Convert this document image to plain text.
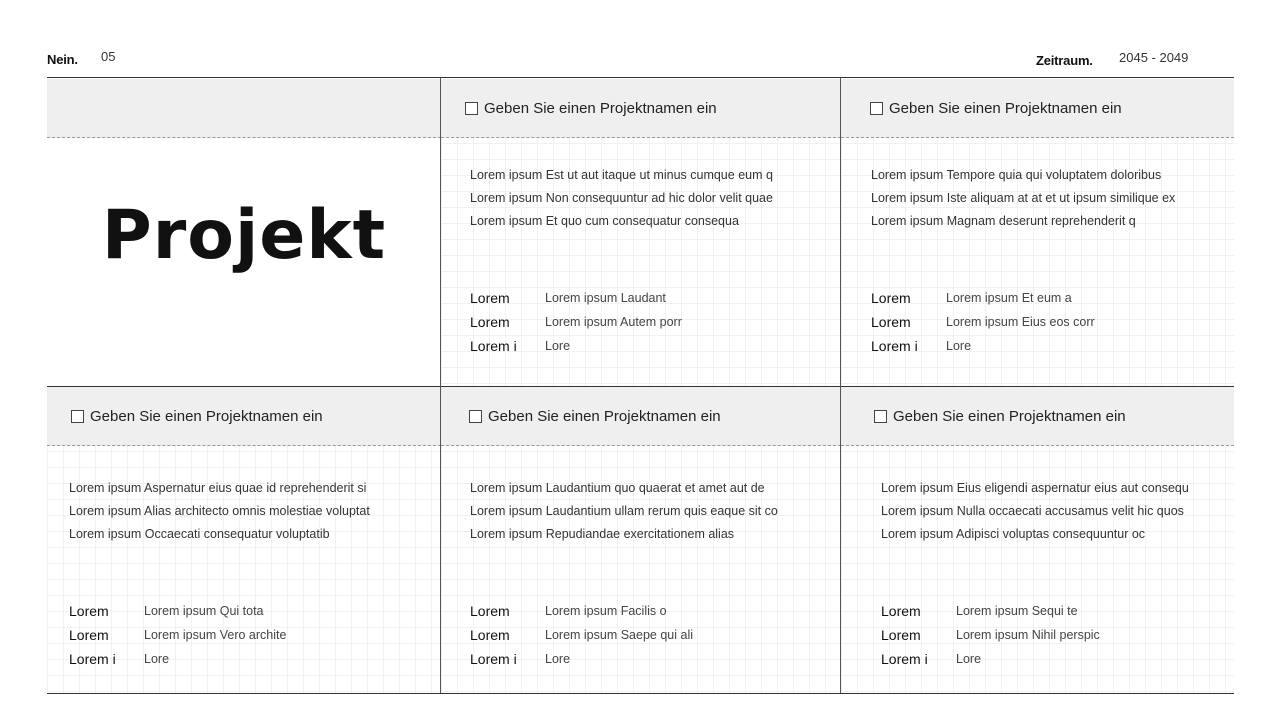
Nein. 05	Zeitraum. 2045 - 2049
Projekt
Geben Sie einen Projektnamen ein
Lorem ipsum Est ut aut itaque ut minus cumque eum q
Lorem ipsum Non consequuntur ad hic dolor velit quae
Lorem ipsum Et quo cum consequatur consequa
Lorem	Lorem ipsum Laudant
Lorem	Lorem ipsum Autem porr
Lorem i	Lore
Geben Sie einen Projektnamen ein
Lorem ipsum Tempore quia qui voluptatem doloribus
Lorem ipsum Iste aliquam at at et ut ipsum similique ex
Lorem ipsum Magnam deserunt reprehenderit q
Lorem	Lorem ipsum Et eum a
Lorem	Lorem ipsum Eius eos corr
Lorem i	Lore
Geben Sie einen Projektnamen ein
Lorem ipsum Aspernatur eius quae id reprehenderit si
Lorem ipsum Alias architecto omnis molestiae voluptat
Lorem ipsum Occaecati consequatur voluptatib
Lorem	Lorem ipsum Qui tota
Lorem	Lorem ipsum Vero archite
Lorem i	Lore
Geben Sie einen Projektnamen ein
Lorem ipsum Laudantium quo quaerat et amet aut de
Lorem ipsum Laudantium ullam rerum quis eaque sit co
Lorem ipsum Repudiandae exercitationem alias
Lorem	Lorem ipsum Facilis o
Lorem	Lorem ipsum Saepe qui ali
Lorem i	Lore
Geben Sie einen Projektnamen ein
Lorem ipsum Eius eligendi aspernatur eius aut consequ
Lorem ipsum Nulla occaecati accusamus velit hic quos
Lorem ipsum Adipisci voluptas consequuntur oc
Lorem	Lorem ipsum Sequi te
Lorem	Lorem ipsum Nihil perspic
Lorem i	Lore
